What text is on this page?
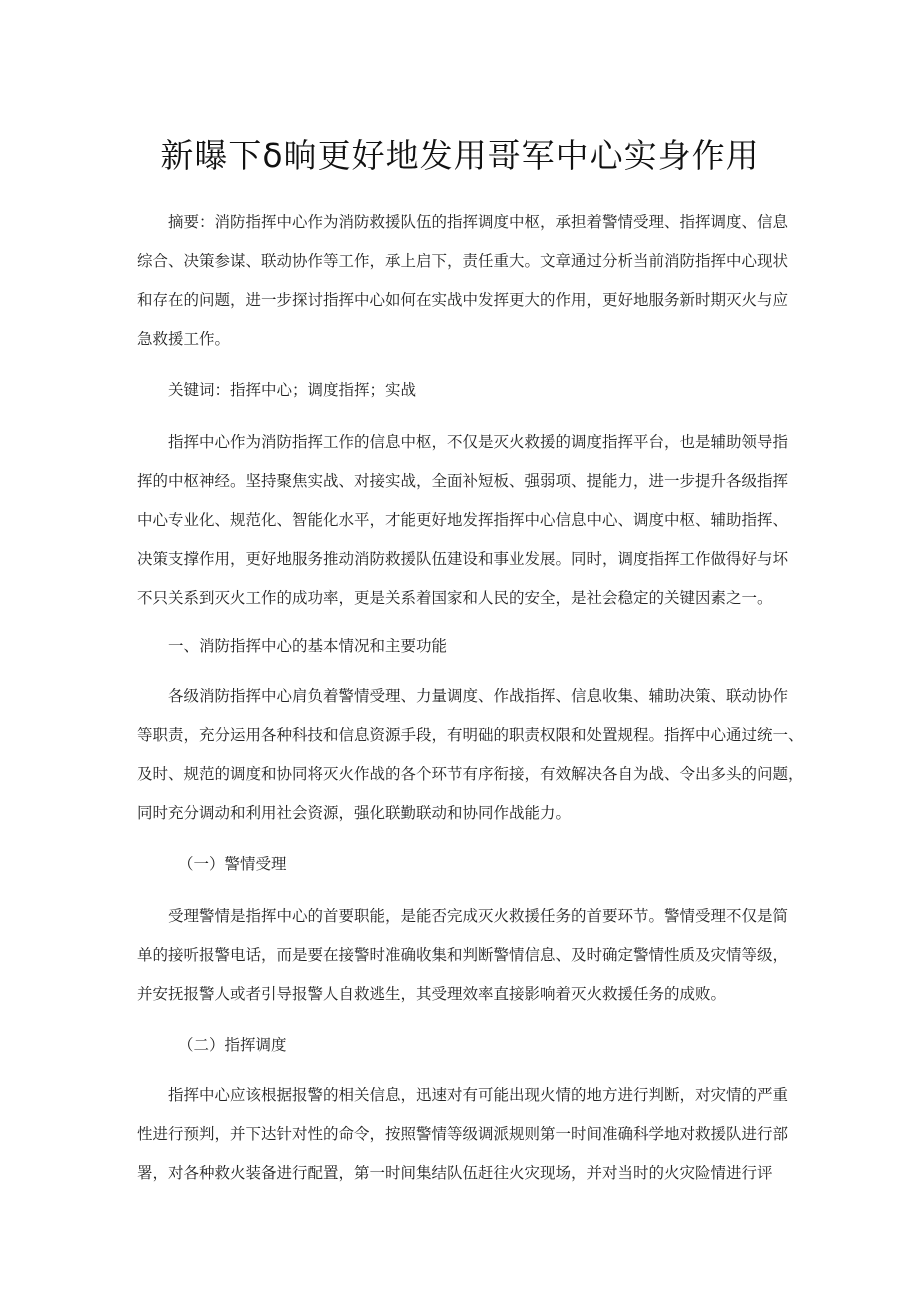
新曝下δ晌更好地发用哥军中心实身作用
摘要：消防指挥中心作为消防救援队伍的指挥调度中枢，承担着警情受理、指挥调度、信息
综合、决策参谋、联动协作等工作，承上启下，责任重大。文章通过分析当前消防指挥中心现状
和存在的问题，进一步探讨指挥中心如何在实战中发挥更大的作用，更好地服务新时期灭火与应
急救援工作。
关键词：指挥中心；调度指挥；实战
指挥中心作为消防指挥工作的信息中枢，不仅是灭火救援的调度指挥平台，也是辅助领导指
挥的中枢神经。坚持聚焦实战、对接实战，全面补短板、强弱项、提能力，进一步提升各级指挥
中心专业化、规范化、智能化水平，才能更好地发挥指挥中心信息中心、调度中枢、辅助指挥、
决策支撑作用，更好地服务推动消防救援队伍建设和事业发展。同时，调度指挥工作做得好与坏
不只关系到灭火工作的成功率，更是关系着国家和人民的安全，是社会稳定的关键因素之一。
一、消防指挥中心的基本情况和主要功能
各级消防指挥中心肩负着警情受理、力量调度、作战指挥、信息收集、辅助决策、联动协作
等职责，充分运用各种科技和信息资源手段，有明础的职责权限和处置规程。指挥中心通过统一、
及时、规范的调度和协同将灭火作战的各个环节有序衔接，有效解决各自为战、令出多头的问题，
同时充分调动和利用社会资源，强化联勤联动和协同作战能力。
（一）警情受理
受理警情是指挥中心的首要职能，是能否完成灭火救援任务的首要环节。警情受理不仅是简
单的接听报警电话，而是要在接警时准确收集和判断警情信息、及时确定警情性质及灾情等级，
并安抚报警人或者引导报警人自救逃生，其受理效率直接影响着灭火救援任务的成败。
（二）指挥调度
指挥中心应该根据报警的相关信息，迅速对有可能出现火情的地方进行判断，对灾情的严重
性进行预判，并下达针对性的命令，按照警情等级调派规则第一时间准确科学地对救援队进行部
署，对各种救火装备进行配置，第一时间集结队伍赶往火灾现场，并对当时的火灾险情进行评
